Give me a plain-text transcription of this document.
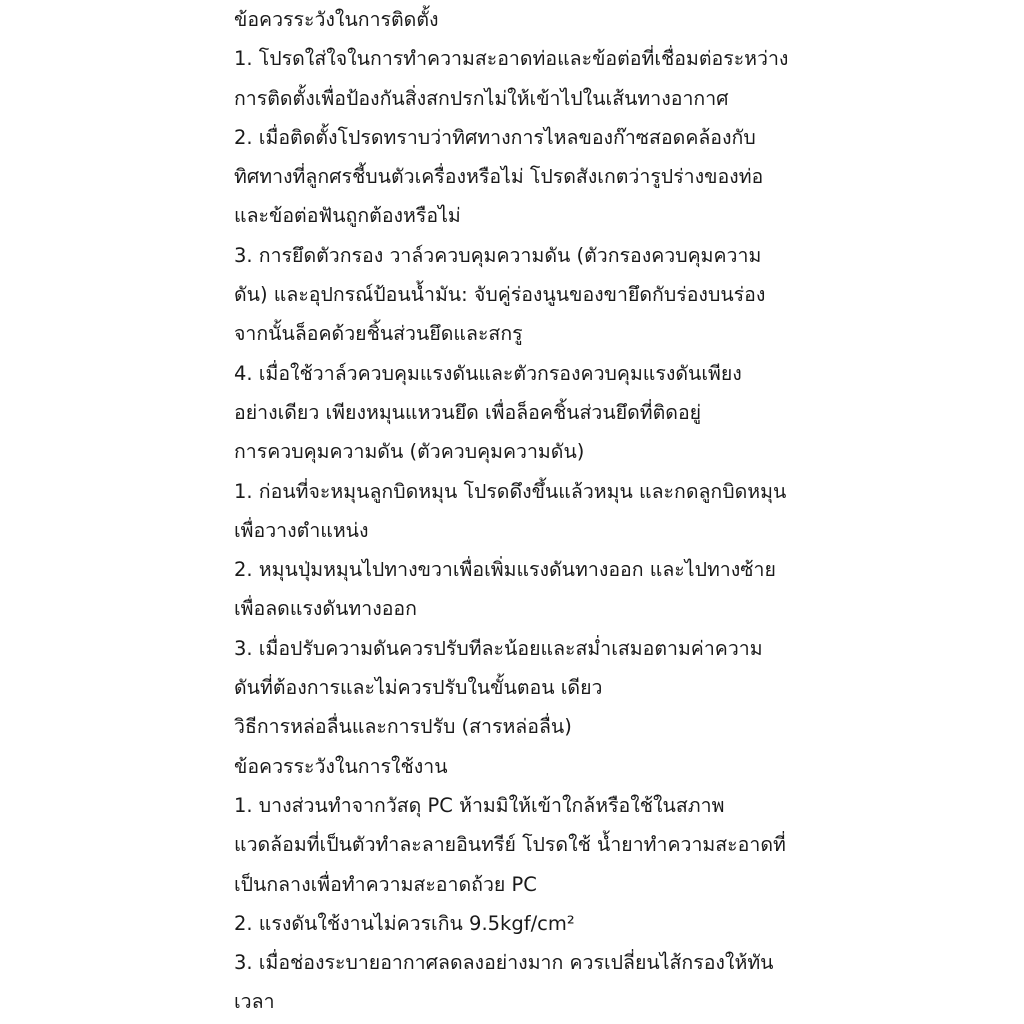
ข้อควรระวังในการติดตั้ง
1. โปรดใส่ใจในการทำความสะอาดท่อและข้อต่อที่เชื่อมต่อระหว่าง
การติดตั้งเพื่อป้องกันสิ่งสกปรกไม่ให้เข้าไปในเส้นทางอากาศ
2. เมื่อติดตั้งโปรดทราบว่าทิศทางการไหลของก๊าซสอดคล้องกับ
ทิศทางที่ลูกศรชี้บนตัวเครื่องหรือไม่ โปรดสังเกตว่ารูปร่างของท่อ
และข้อต่อฟันถูกต้องหรือไม่
3. การยึดตัวกรอง วาล์วควบคุมความดัน (ตัวกรองควบคุมความ
ดัน) และอุปกรณ์ป้อนน้ำมัน: จับคู่ร่องนูนของขายึดกับร่องบนร่อง
จากนั้นล็อคด้วยชิ้นส่วนยึดและสกรู
4. เมื่อใช้วาล์วควบคุมแรงดันและตัวกรองควบคุมแรงดันเพียง
อย่างเดียว เพียงหมุนแหวนยึด เพื่อล็อคชิ้นส่วนยึดที่ติดอยู่
การควบคุมความดัน (ตัวควบคุมความดัน)
1. ก่อนที่จะหมุนลูกบิดหมุน โปรดดึงขึ้นแล้วหมุน และกดลูกบิดหมุน
เพื่อวางตำแหน่ง
2. หมุนปุ่มหมุนไปทางขวาเพื่อเพิ่มแรงดันทางออก และไปทางซ้าย
เพื่อลดแรงดันทางออก
3. เมื่อปรับความดันควรปรับทีละน้อยและสม่ำเสมอตามค่าความ
ดันที่ต้องการและไม่ควรปรับในขั้นตอน เดียว
วิธีการหล่อลื่นและการปรับ (สารหล่อลื่น)
ข้อควรระวังในการใช้งาน
1. บางส่วนทำจากวัสดุ PC ห้ามมิให้เข้าใกล้หรือใช้ในสภาพ
แวดล้อมที่เป็นตัวทำละลายอินทรีย์ โปรดใช้ น้ำยาทำความสะอาดที่
เป็นกลางเพื่อทำความสะอาดถ้วย PC
2. แรงดันใช้งานไม่ควรเกิน 9.5kgf/cm²
3. เมื่อช่องระบายอากาศลดลงอย่างมาก ควรเปลี่ยนไส้กรองให้ทัน
เวลา
